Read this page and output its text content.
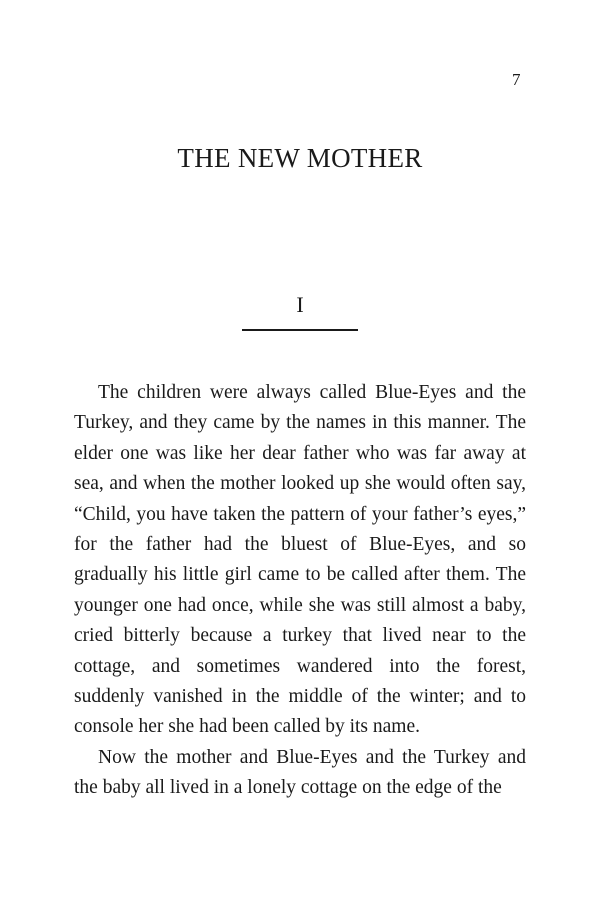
7
THE NEW MOTHER
I

The children were always called Blue-Eyes and the Turkey, and they came by the names in this manner. The elder one was like her dear father who was far away at sea, and when the mother looked up she would often say, “Child, you have taken the pattern of your father’s eyes,” for the father had the bluest of Blue-Eyes, and so gradually his little girl came to be called after them. The younger one had once, while she was still almost a baby, cried bitterly because a turkey that lived near to the cottage, and sometimes wandered into the forest, suddenly vanished in the middle of the winter; and to console her she had been called by its name.

Now the mother and Blue-Eyes and the Turkey and the baby all lived in a lonely cottage on the edge of the
